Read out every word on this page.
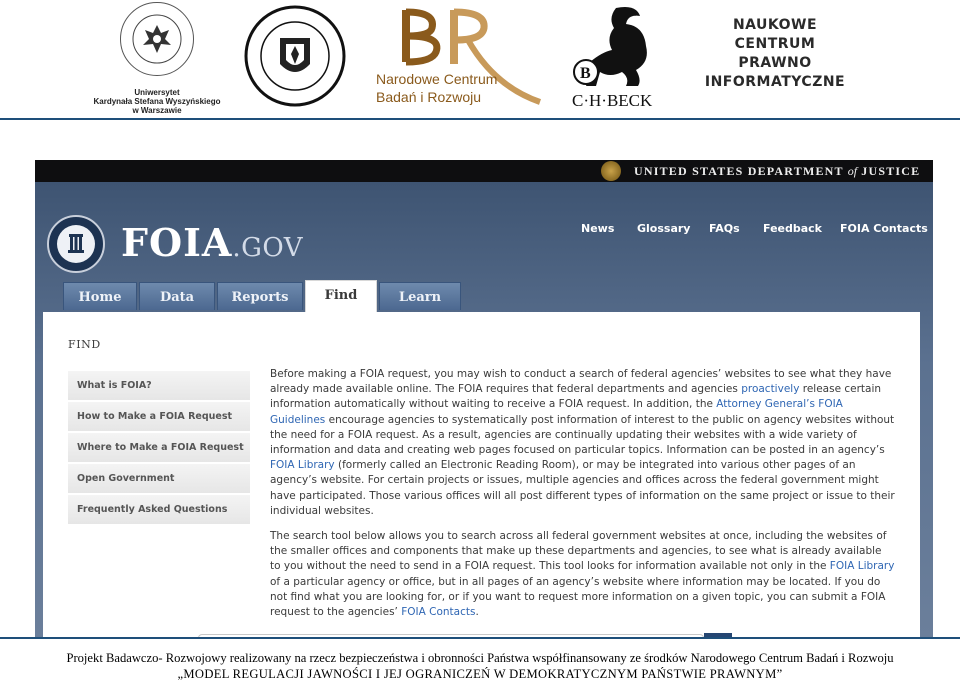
Uniwersytet
Kardynała Stefana Wyszyńskiego
w Warszawie
Narodowe Centrum
Badań i Rozwoju
B
C·H·BECK
NAUKOWE
CENTRUM
PRAWNO
INFORMATYCZNE
UNITED STATES DEPARTMENT of JUSTICE
FOIA.GOV
News Glossary FAQs Feedback FOIA Contacts
Home	Data	Reports	Find	Learn
FIND
What is FOIA?
How to Make a FOIA Request
Where to Make a FOIA Request
Open Government
Frequently Asked Questions

Before making a FOIA request, you may wish to conduct a search of federal agencies’ websites to see what they have already made available online. The FOIA requires that federal departments and agencies proactively release certain information automatically without waiting to receive a FOIA request. In addition, the Attorney General’s FOIA Guidelines encourage agencies to systematically post information of interest to the public on agency websites without the need for a FOIA request. As a result, agencies are continually updating their websites with a wide variety of information and data and creating web pages focused on particular topics. Information can be posted in an agency’s FOIA Library (formerly called an Electronic Reading Room), or may be integrated into various other pages of an agency’s website. For certain projects or issues, multiple agencies and offices across the federal government might have participated. Those various offices will all post different types of information on the same project or issue to their individual websites.

The search tool below allows you to search across all federal government websites at once, including the websites of the smaller offices and components that make up these departments and agencies, to see what is already available to you without the need to send in a FOIA request. This tool looks for information available not only in the FOIA Library of a particular agency or office, but in all pages of an agency’s website where information may be located. If you do not find what you are looking for, or if you want to request more information on a given topic, you can submit a FOIA request to the agencies’ FOIA Contacts.

Projekt Badawczo- Rozwojowy realizowany na rzecz bezpieczeństwa i obronności Państwa współfinansowany ze środków Narodowego Centrum Badań i Rozwoju
„MODEL REGULACJI JAWNOŚCI I JEJ OGRANICZEŃ W DEMOKRATYCZNYM PAŃSTWIE PRAWNYM”
